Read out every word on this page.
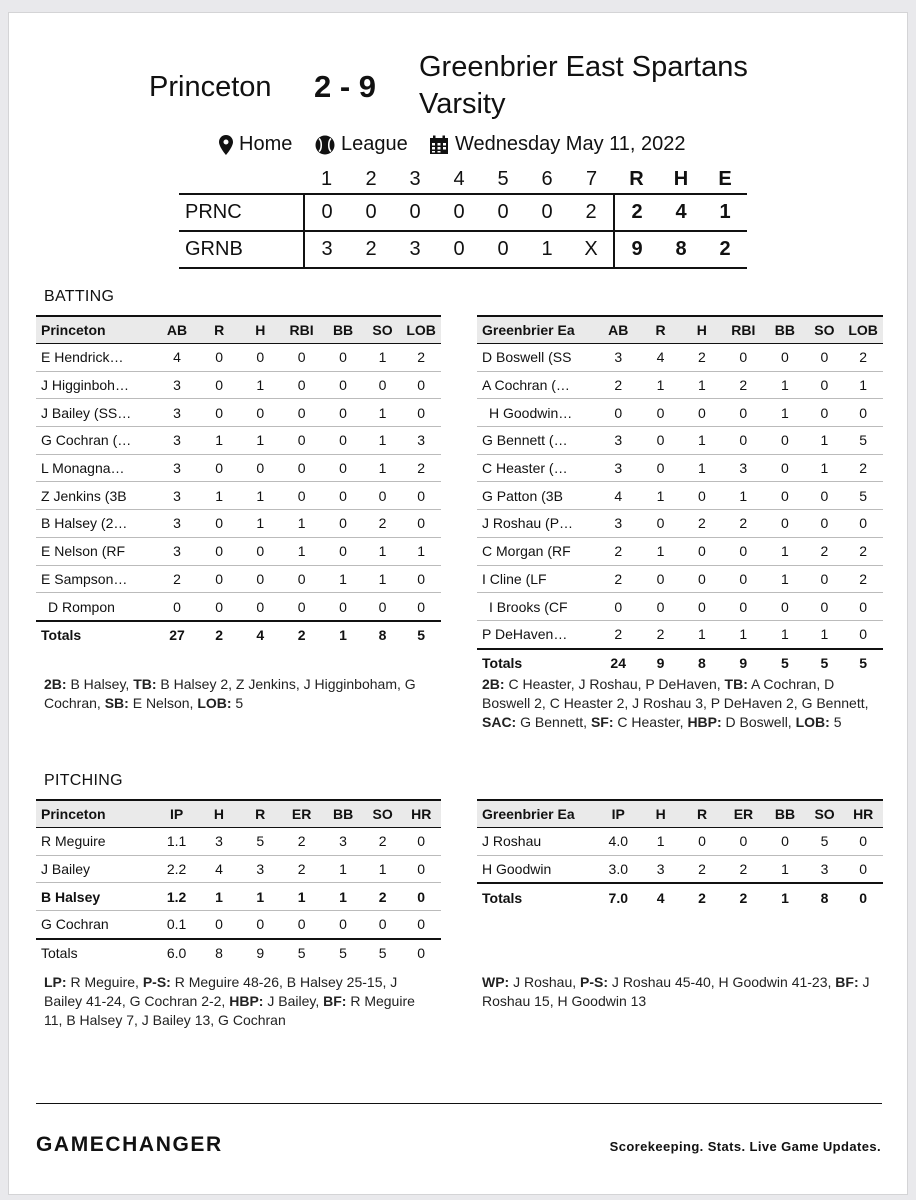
Princeton 2 - 9
Greenbrier East Spartans
Varsity
Home League Wednesday May 11, 2022
	1	2	3	4	5	6	7	R	H	E
PRNC	0	0	0	0	0	0	2	2	4	1
GRNB	3	2	3	0	0	1	X	9	8	2
BATTING
Princeton	AB	R	H	RBI	BB	SO	LOB
E Hendrick…	4	0	0	0	0	1	2
J Higginboh…	3	0	1	0	0	0	0
J Bailey (SS…	3	0	0	0	0	1	0
G Cochran (…	3	1	1	0	0	1	3
L Monagna…	3	0	0	0	0	1	2
Z Jenkins (3B	3	1	1	0	0	0	0
B Halsey (2…	3	0	1	1	0	2	0
E Nelson (RF	3	0	0	1	0	1	1
E Sampson…	2	0	0	0	1	1	0
D Rompon	0	0	0	0	0	0	0
Totals	27	2	4	2	1	8	5
Greenbrier Ea	AB	R	H	RBI	BB	SO	LOB
D Boswell (SS	3	4	2	0	0	0	2
A Cochran (…	2	1	1	2	1	0	1
H Goodwin…	0	0	0	0	1	0	0
G Bennett (…	3	0	1	0	0	1	5
C Heaster (…	3	0	1	3	0	1	2
G Patton (3B	4	1	0	1	0	0	5
J Roshau (P…	3	0	2	2	0	0	0
C Morgan (RF	2	1	0	0	1	2	2
I Cline (LF	2	0	0	0	1	0	2
I Brooks (CF	0	0	0	0	0	0	0
P DeHaven…	2	2	1	1	1	1	0
Totals	24	9	8	9	5	5	5
2B: B Halsey, TB: B Halsey 2, Z Jenkins, J Higginboham, G Cochran, SB: E Nelson, LOB: 5
2B: C Heaster, J Roshau, P DeHaven, TB: A Cochran, D Boswell 2, C Heaster 2, J Roshau 3, P DeHaven 2, G Bennett, SAC: G Bennett, SF: C Heaster, HBP: D Boswell, LOB: 5
PITCHING
Princeton	IP	H	R	ER	BB	SO	HR
R Meguire	1.1	3	5	2	3	2	0
J Bailey	2.2	4	3	2	1	1	0
B Halsey	1.2	1	1	1	1	2	0
G Cochran	0.1	0	0	0	0	0	0
Totals	6.0	8	9	5	5	5	0
Greenbrier Ea	IP	H	R	ER	BB	SO	HR
J Roshau	4.0	1	0	0	0	5	0
H Goodwin	3.0	3	2	2	1	3	0
Totals	7.0	4	2	2	1	8	0
LP: R Meguire, P-S: R Meguire 48-26, B Halsey 25-15, J Bailey 41-24, G Cochran 2-2, HBP: J Bailey, BF: R Meguire 11, B Halsey 7, J Bailey 13, G Cochran
WP: J Roshau, P-S: J Roshau 45-40, H Goodwin 41-23, BF: J Roshau 15, H Goodwin 13
GAMECHANGER	Scorekeeping. Stats. Live Game Updates.
